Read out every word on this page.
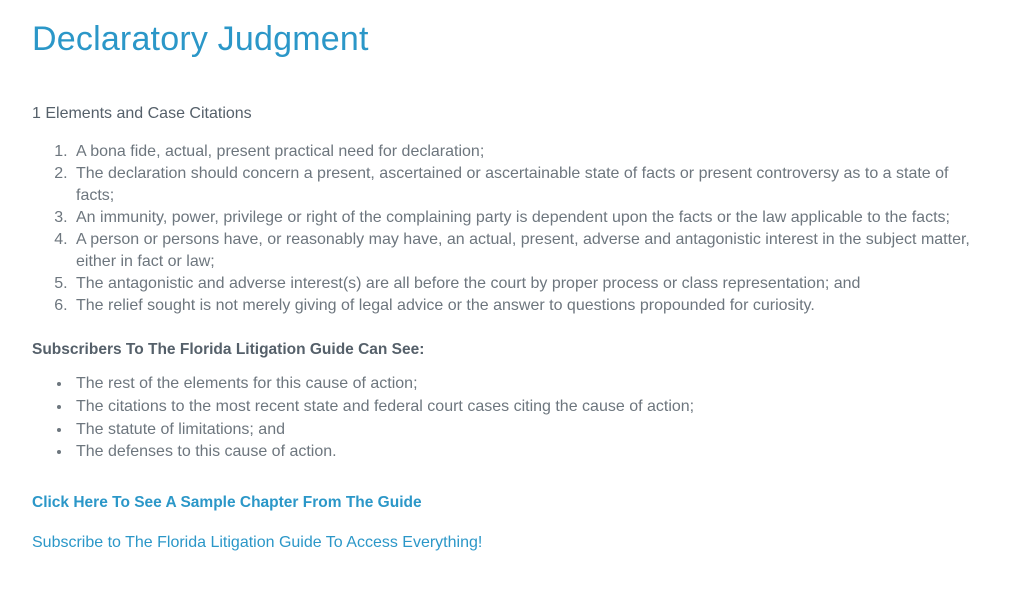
Declaratory Judgment

1 Elements and Case Citations

1. A bona fide, actual, present practical need for declaration;
2. The declaration should concern a present, ascertained or ascertainable state of facts or present controversy as to a state of facts;
3. An immunity, power, privilege or right of the complaining party is dependent upon the facts or the law applicable to the facts;
4. A person or persons have, or reasonably may have, an actual, present, adverse and antagonistic interest in the subject matter, either in fact or law;
5. The antagonistic and adverse interest(s) are all before the court by proper process or class representation; and
6. The relief sought is not merely giving of legal advice or the answer to questions propounded for curiosity.

Subscribers To The Florida Litigation Guide Can See:

• The rest of the elements for this cause of action;
• The citations to the most recent state and federal court cases citing the cause of action;
• The statute of limitations; and
• The defenses to this cause of action.
Click Here To See A Sample Chapter From The Guide
Subscribe to The Florida Litigation Guide To Access Everything!
